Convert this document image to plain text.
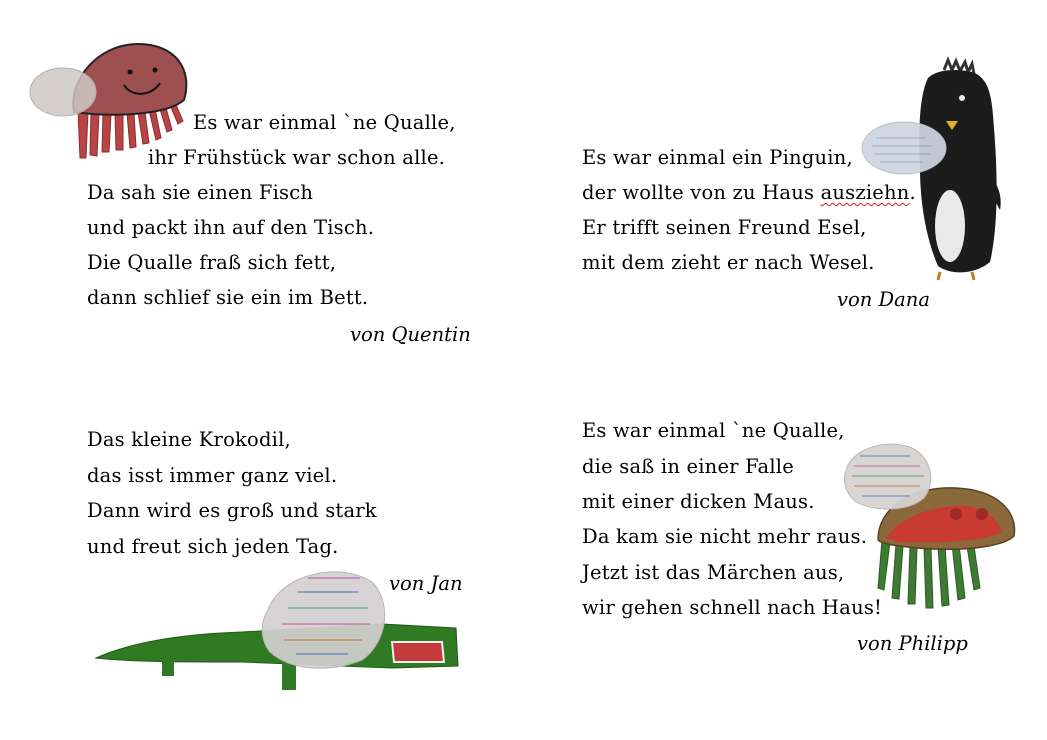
Es war einmal `ne Qualle,
ihr Frühstück war schon alle.
Da sah sie einen Fisch
und packt ihn auf den Tisch.
Die Qualle fraß sich fett,
dann schlief sie ein im Bett.
von Quentin
Es war einmal ein Pinguin,
der wollte von zu Haus ausziehn.
Er trifft seinen Freund Esel,
mit dem zieht er nach Wesel.
von Dana
Das kleine Krokodil,
das isst immer ganz viel.
Dann wird es groß und stark
und freut sich jeden Tag.
von Jan
Es war einmal `ne Qualle,
die saß in einer Falle
mit einer dicken Maus.
Da kam sie nicht mehr raus.
Jetzt ist das Märchen aus,
wir gehen schnell nach Haus!
von Philipp
